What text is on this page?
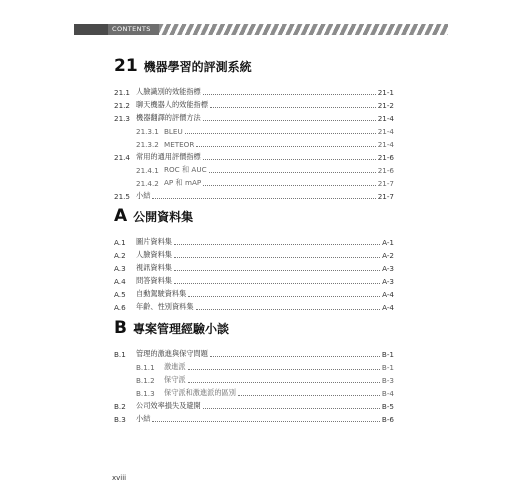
CONTENTS
21 機器學習的評測系統
21.1 人臉識別的效能指標	21-1
21.2 聊天機器人的效能指標	21-2
21.3 機器翻譯的評價方法	21-4
21.3.1 BLEU	21-4
21.3.2 METEOR	21-4
21.4 常用的通用評價指標	21-6
21.4.1 ROC 和 AUC	21-6
21.4.2 AP 和 mAP	21-7
21.5 小結	21-7
A 公開資料集
A.1	圖片資料集	A-1
A.2	人臉資料集	A-2
A.3	視訊資料集	A-3
A.4	問答資料集	A-3
A.5	自動駕駛資料集	A-4
A.6	年齡、性別資料集	A-4
B 專案管理經驗小談
B.1	管理的激進與保守問題	B-1
B.1.1	激進派	B-1
B.1.2	保守派	B-3
B.1.3	保守派和激進派的區別	B-4
B.2	公司效率損失及避開	B-5
B.3	小結	B-6
xviii
